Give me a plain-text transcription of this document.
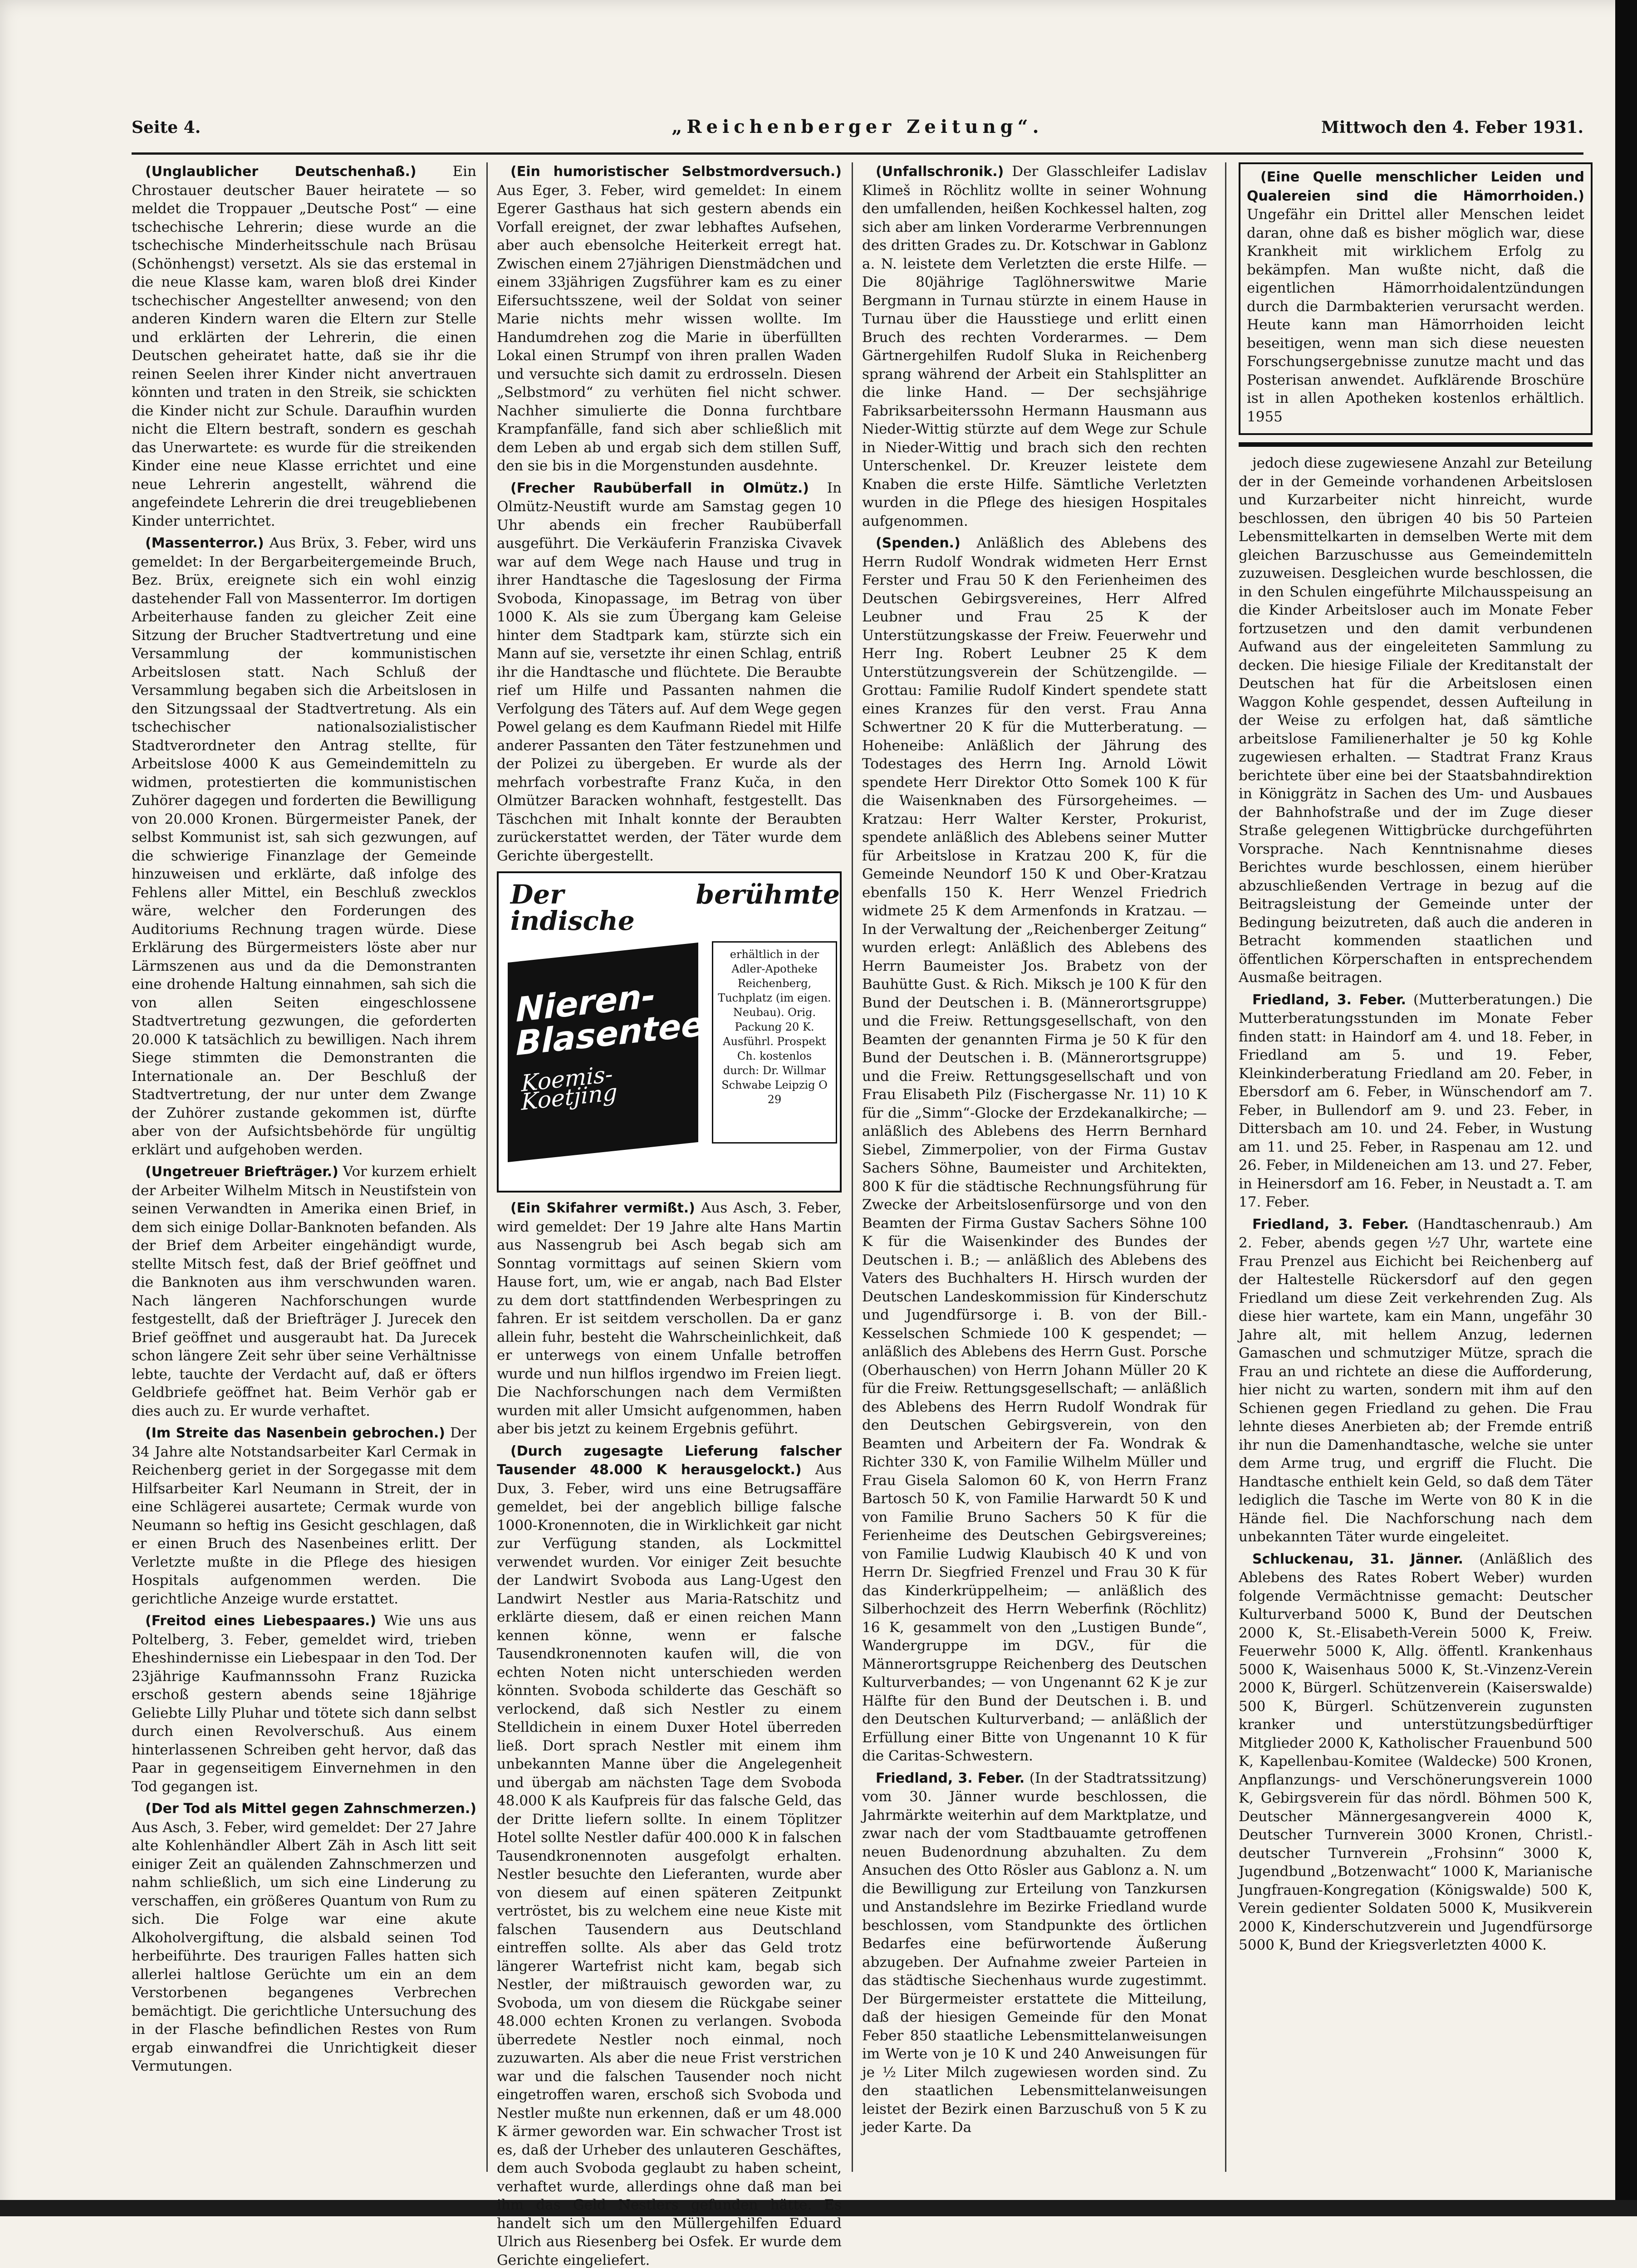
Seite 4.	„Reichenberger Zeitung“.	Mittwoch den 4. Feber 1931.

(Unglaublicher Deutschenhaß.)	Ein Chrostauer deutscher Bauer heiratete — so meldet die Troppauer „Deutsche Post“ — eine tschechische Lehrerin; diese wurde an die tschechische Minderheitsschule nach Brüsau (Schönhengst) versetzt. Als sie das erstemal in die neue Klasse kam, waren bloß drei Kinder tschechischer Angestellter anwesend; von den anderen Kindern waren die Eltern zur Stelle und erklärten der Lehrerin, die einen Deutschen geheiratet hatte, daß sie ihr die reinen Seelen ihrer Kinder nicht anvertrauen könnten und traten in den Streik, sie schickten die Kinder nicht zur Schule. Daraufhin wurden nicht die Eltern bestraft, sondern es geschah das Unerwartete: es wurde für die streikenden Kinder eine neue Klasse errichtet und eine neue Lehrerin angestellt, während die angefeindete Lehrerin die drei treugebliebenen Kinder unterrichtet.

(Massenterror.) Aus Brüx, 3. Feber, wird uns gemeldet: In der Bergarbeitergemeinde Bruch, Bez. Brüx, ereignete sich ein wohl einzig dastehender Fall von Massenterror. Im dortigen Arbeiterhause fanden zu gleicher Zeit eine Sitzung der Brucher Stadtvertretung und eine Versammlung der kommunistischen Arbeitslosen statt. Nach Schluß der Versammlung begaben sich die Arbeitslosen in den Sitzungssaal der Stadtvertretung. Als ein tschechischer nationalsozialistischer Stadtverordneter den Antrag stellte, für Arbeitslose 4000 K aus Gemeindemitteln zu widmen, protestierten die kommunistischen Zuhörer dagegen und forderten die Bewilligung von 20.000 Kronen. Bürgermeister Panek, der selbst Kommunist ist, sah sich gezwungen, auf die schwierige Finanzlage der Gemeinde hinzuweisen und erklärte, daß infolge des Fehlens aller Mittel, ein Beschluß zwecklos wäre, welcher den Forderungen des Auditoriums Rechnung tragen würde. Diese Erklärung des Bürgermeisters löste aber nur Lärmszenen aus und da die Demonstranten eine drohende Haltung einnahmen, sah sich die von allen Seiten eingeschlossene Stadtvertretung gezwungen, die geforderten 20.000 K tatsächlich zu bewilligen. Nach ihrem Siege stimmten die Demonstranten die Internationale an. Der Beschluß der Stadtvertretung, der nur unter dem Zwange der Zuhörer zustande gekommen ist, dürfte aber von der Aufsichtsbehörde für ungültig erklärt und aufgehoben werden.

(Ungetreuer Briefträger.) Vor kurzem erhielt der Arbeiter Wilhelm Mitsch in Neustifstein von seinen Verwandten in Amerika einen Brief, in dem sich einige Dollar-Banknoten befanden. Als der Brief dem Arbeiter eingehändigt wurde, stellte Mitsch fest, daß der Brief geöffnet und die Banknoten aus ihm verschwunden waren. Nach längeren Nachforschungen wurde festgestellt, daß der Briefträger J. Jurecek den Brief geöffnet und ausgeraubt hat. Da Jurecek schon längere Zeit sehr über seine Verhältnisse lebte, tauchte der Verdacht auf, daß er öfters Geldbriefe geöffnet hat. Beim Verhör gab er dies auch zu. Er wurde verhaftet.

(Im Streite das Nasenbein gebrochen.) Der 34 Jahre alte Notstandsarbeiter Karl Cermak in Reichenberg geriet in der Sorgegasse mit dem Hilfsarbeiter Karl Neumann in Streit, der in eine Schlägerei ausartete; Cermak wurde von Neumann so heftig ins Gesicht geschlagen, daß er einen Bruch des Nasenbeines erlitt. Der Verletzte mußte in die Pflege des hiesigen Hospitals aufgenommen werden. Die gerichtliche Anzeige wurde erstattet.

(Freitod eines Liebespaares.) Wie uns aus Poltelberg, 3. Feber, gemeldet wird, trieben Eheshindernisse ein Liebespaar in den Tod. Der 23jährige Kaufmannssohn Franz Ruzicka erschoß gestern abends seine 18jährige Geliebte Lilly Pluhar und tötete sich dann selbst durch einen Revolverschuß. Aus einem hinterlassenen Schreiben geht hervor, daß das Paar in gegenseitigem Einvernehmen in den Tod gegangen ist.

(Der Tod als Mittel gegen Zahnschmerzen.) Aus Asch, 3. Feber, wird gemeldet: Der 27 Jahre alte Kohlenhändler Albert Zäh in Asch litt seit einiger Zeit an quälenden Zahnschmerzen und nahm schließlich, um sich eine Linderung zu verschaffen, ein größeres Quantum von Rum zu sich. Die Folge war eine akute Alkoholvergiftung, die alsbald seinen Tod herbeiführte. Des traurigen Falles hatten sich allerlei haltlose Gerüchte um ein an dem Verstorbenen begangenes Verbrechen bemächtigt. Die gerichtliche Untersuchung des in der Flasche befindlichen Restes von Rum ergab einwandfrei die Unrichtigkeit dieser Vermutungen.

(Ein humoristischer Selbstmordversuch.) Aus Eger, 3. Feber, wird gemeldet: In einem Egerer Gasthaus hat sich gestern abends ein Vorfall ereignet, der zwar lebhaftes Aufsehen, aber auch ebensolche Heiterkeit erregt hat. Zwischen einem 27jährigen Dienstmädchen und einem 33jährigen Zugsführer kam es zu einer Eifersuchtsszene, weil der Soldat von seiner Marie nichts mehr wissen wollte. Im Handumdrehen zog die Marie in überfüllten Lokal einen Strumpf von ihren prallen Waden und versuchte sich damit zu erdrosseln. Diesen „Selbstmord“ zu verhüten fiel nicht schwer. Nachher simulierte die Donna furchtbare Krampfanfälle, fand sich aber schließlich mit dem Leben ab und ergab sich dem stillen Suff, den sie bis in die Morgenstunden ausdehnte.

(Frecher Raubüberfall in Olmütz.) In Olmütz-Neustift wurde am Samstag gegen 10 Uhr abends ein frecher Raubüberfall ausgeführt. Die Verkäuferin Franziska Civavek war auf dem Wege nach Hause und trug in ihrer Handtasche die Tageslosung der Firma Svoboda, Kinopassage, im Betrag von über 1000 K. Als sie zum Übergang kam Geleise hinter dem Stadtpark kam, stürzte sich ein Mann auf sie, versetzte ihr einen Schlag, entriß ihr die Handtasche und flüchtete. Die Beraubte rief um Hilfe und Passanten nahmen die Verfolgung des Täters auf. Auf dem Wege gegen Powel gelang es dem Kaufmann Riedel mit Hilfe anderer Passanten den Täter festzunehmen und der Polizei zu übergeben. Er wurde als der mehrfach vorbestrafte Franz Kuča, in den Olmützer Baracken wohnhaft, festgestellt. Das Täschchen mit Inhalt konnte der Beraubten zurückerstattet werden, der Täter wurde dem Gerichte übergestellt.

Der berühmte indische
Nieren-Blasentee
Koemis-Koetjing
erhältlich in der Adler-Apotheke Reichenberg, Tuchplatz (im eigen. Neubau). Orig. Packung 20 K. Ausführl. Prospekt Ch. kostenlos durch: Dr. Willmar Schwabe Leipzig O 29

(Ein Skifahrer vermißt.) Aus Asch, 3. Feber, wird gemeldet: Der 19 Jahre alte Hans Martin aus Nassengrub bei Asch begab sich am Sonntag vormittags auf seinen Skiern vom Hause fort, um, wie er angab, nach Bad Elster zu dem dort stattfindenden Werbespringen zu fahren. Er ist seitdem verschollen. Da er ganz allein fuhr, besteht die Wahrscheinlichkeit, daß er unterwegs von einem Unfalle betroffen wurde und nun hilflos irgendwo im Freien liegt. Die Nachforschungen nach dem Vermißten wurden mit aller Umsicht aufgenommen, haben aber bis jetzt zu keinem Ergebnis geführt.

(Durch zugesagte Lieferung falscher Tausender 48.000 K herausgelockt.) Aus Dux, 3. Feber, wird uns eine Betrugsaffäre gemeldet, bei der angeblich billige falsche 1000-Kronennoten, die in Wirklichkeit gar nicht zur Verfügung standen, als Lockmittel verwendet wurden. Vor einiger Zeit besuchte der Landwirt Svoboda aus Lang-Ugest den Landwirt Nestler aus Maria-Ratschitz und erklärte diesem, daß er einen reichen Mann kennen könne, wenn er falsche Tausendkronennoten kaufen will, die von echten Noten nicht unterschieden werden könnten. Svoboda schilderte das Geschäft so verlockend, daß sich Nestler zu einem Stelldichein in einem Duxer Hotel überreden ließ. Dort sprach Nestler mit einem ihm unbekannten Manne über die Angelegenheit und übergab am nächsten Tage dem Svoboda 48.000 K als Kaufpreis für das falsche Geld, das der Dritte liefern sollte. In einem Töplitzer Hotel sollte Nestler dafür 400.000 K in falschen Tausendkronennoten ausgefolgt erhalten. Nestler besuchte den Lieferanten, wurde aber von diesem auf einen späteren Zeitpunkt vertröstet, bis zu welchem eine neue Kiste mit falschen Tausendern aus Deutschland eintreffen sollte. Als aber das Geld trotz längerer Wartefrist nicht kam, begab sich Nestler, der mißtrauisch geworden war, zu Svoboda, um von diesem die Rückgabe seiner 48.000 echten Kronen zu verlangen. Svoboda überredete Nestler noch einmal, noch zuzuwarten. Als aber die neue Frist verstrichen war und die falschen Tausender noch nicht eingetroffen waren, erschoß sich Svoboda und Nestler mußte nun erkennen, daß er um 48.000 K ärmer geworden war. Ein schwacher Trost ist es, daß der Urheber des unlauteren Geschäftes, dem auch Svoboda geglaubt zu haben scheint, verhaftet wurde, allerdings ohne daß man bei ihm das Geld Nestlers gefunden hätte. Es handelt sich um den Müllergehilfen Eduard Ulrich aus Riesenberg bei Osfek. Er wurde dem Gerichte eingeliefert.

(Unfallschronik.) Der Glasschleifer Ladislav Klimeš in Röchlitz wollte in seiner Wohnung den umfallenden, heißen Kochkessel halten, zog sich aber am linken Vorderarme Verbrennungen des dritten Grades zu. Dr. Kotschwar in Gablonz a. N. leistete dem Verletzten die erste Hilfe. — Die 80jährige Taglöhnerswitwe Marie Bergmann in Turnau stürzte in einem Hause in Turnau über die Hausstiege und erlitt einen Bruch des rechten Vorderarmes. — Dem Gärtnergehilfen Rudolf Sluka in Reichenberg sprang während der Arbeit ein Stahlsplitter an die linke Hand. — Der sechsjährige Fabriksarbeiterssohn Hermann Hausmann aus Nieder-Wittig stürzte auf dem Wege zur Schule in Nieder-Wittig und brach sich den rechten Unterschenkel. Dr. Kreuzer leistete dem Knaben die erste Hilfe. Sämtliche Verletzten wurden in die Pflege des hiesigen Hospitales aufgenommen.

(Spenden.) Anläßlich des Ablebens des Herrn Rudolf Wondrak widmeten Herr Ernst Ferster und Frau 50 K den Ferienheimen des Deutschen Gebirgsvereines, Herr Alfred Leubner und Frau 25 K der Unterstützungskasse der Freiw. Feuerwehr und Herr Ing. Robert Leubner 25 K dem Unterstützungsverein der Schützengilde. — Grottau: Familie Rudolf Kindert spendete statt eines Kranzes für den verst. Frau Anna Schwertner 20 K für die Mutterberatung. — Hoheneibe: Anläßlich der Jährung des Todestages des Herrn Ing. Arnold Löwit spendete Herr Direktor Otto Somek 100 K für die Waisenknaben des Fürsorgeheimes. — Kratzau: Herr Walter Kerster, Prokurist, spendete anläßlich des Ablebens seiner Mutter für Arbeitslose in Kratzau 200 K, für die Gemeinde Neundorf 150 K und Ober-Kratzau ebenfalls 150 K. Herr Wenzel Friedrich widmete 25 K dem Armenfonds in Kratzau. — In der Verwaltung der „Reichenberger Zeitung“ wurden erlegt: Anläßlich des Ablebens des Herrn Baumeister Jos. Brabetz von der Bauhütte Gust. & Rich. Miksch je 100 K für den Bund der Deutschen i. B. (Männerortsgruppe) und die Freiw. Rettungsgesellschaft, von den Beamten der genannten Firma je 50 K für den Bund der Deutschen i. B. (Männerortsgruppe) und die Freiw. Rettungsgesellschaft und von Frau Elisabeth Pilz (Fischergasse Nr. 11) 10 K für die „Simm“-Glocke der Erzdekanalkirche; — anläßlich des Ablebens des Herrn Bernhard Siebel, Zimmerpolier, von der Firma Gustav Sachers Söhne, Baumeister und Architekten, 800 K für die städtische Rechnungsführung für Zwecke der Arbeitslosenfürsorge und von den Beamten der Firma Gustav Sachers Söhne 100 K für die Waisenkinder des Bundes der Deutschen i. B.; — anläßlich des Ablebens des Vaters des Buchhalters H. Hirsch wurden der Deutschen Landeskommission für Kinderschutz und Jugendfürsorge i. B. von der Bill.-Kesselschen Schmiede 100 K gespendet; — anläßlich des Ablebens des Herrn Gust. Porsche (Oberhauschen) von Herrn Johann Müller 20 K für die Freiw. Rettungsgesellschaft; — anläßlich des Ablebens des Herrn Rudolf Wondrak für den Deutschen Gebirgsverein, von den Beamten und Arbeitern der Fa. Wondrak & Richter 330 K, von Familie Wilhelm Müller und Frau Gisela Salomon 60 K, von Herrn Franz Bartosch 50 K, von Familie Harwardt 50 K und von Familie Bruno Sachers 50 K für die Ferienheime des Deutschen Gebirgsvereines; von Familie Ludwig Klaubisch 40 K und von Herrn Dr. Siegfried Frenzel und Frau 30 K für das Kinderkrüppelheim; — anläßlich des Silberhochzeit des Herrn Weberfink (Röchlitz) 16 K, gesammelt von den „Lustigen Bunde“, Wandergruppe im DGV., für die Männerortsgruppe Reichenberg des Deutschen Kulturverbandes; — von Ungenannt 62 K je zur Hälfte für den Bund der Deutschen i. B. und den Deutschen Kulturverband; — anläßlich der Erfüllung einer Bitte von Ungenannt 10 K für die Caritas-Schwestern.

Friedland, 3. Feber. (In der Stadtratssitzung) vom 30. Jänner wurde beschlossen, die Jahrmärkte weiterhin auf dem Marktplatze, und zwar nach der vom Stadtbauamte getroffenen neuen Budenordnung abzuhalten. Zu dem Ansuchen des Otto Rösler aus Gablonz a. N. um die Bewilligung zur Erteilung von Tanzkursen und Anstandslehre im Bezirke Friedland wurde beschlossen, vom Standpunkte des örtlichen Bedarfes eine befürwortende Äußerung abzugeben. Der Aufnahme zweier Parteien in das städtische Siechenhaus wurde zugestimmt. Der Bürgermeister erstattete die Mitteilung, daß der hiesigen Gemeinde für den Monat Feber 850 staatliche Lebensmittelanweisungen im Werte von je 10 K und 240 Anweisungen für je ½ Liter Milch zugewiesen worden sind. Zu den staatlichen Lebensmittelanweisungen leistet der Bezirk einen Barzuschuß von 5 K zu jeder Karte. Da

(Eine Quelle menschlicher Leiden und Qualereien sind die Hämorrhoiden.) Ungefähr ein Drittel aller Menschen leidet daran, ohne daß es bisher möglich war, diese Krankheit mit wirklichem Erfolg zu bekämpfen. Man wußte nicht, daß die eigentlichen Hämorrhoidalentzündungen durch die Darmbakterien verursacht werden. Heute kann man Hämorrhoiden leicht beseitigen, wenn man sich diese neuesten Forschungsergebnisse zunutze macht und das Posterisan anwendet. Aufklärende Broschüre ist in allen Apotheken kostenlos erhältlich. 1955

jedoch diese zugewiesene Anzahl zur Beteilung der in der Gemeinde vorhandenen Arbeitslosen und Kurzarbeiter nicht hinreicht, wurde beschlossen, den übrigen 40 bis 50 Parteien Lebensmittelkarten in demselben Werte mit dem gleichen Barzuschusse aus Gemeindemitteln zuzuweisen. Desgleichen wurde beschlossen, die in den Schulen eingeführte Milchausspeisung an die Kinder Arbeitsloser auch im Monate Feber fortzusetzen und den damit verbundenen Aufwand aus der eingeleiteten Sammlung zu decken. Die hiesige Filiale der Kreditanstalt der Deutschen hat für die Arbeitslosen einen Waggon Kohle gespendet, dessen Aufteilung in der Weise zu erfolgen hat, daß sämtliche arbeitslose Familienerhalter je 50 kg Kohle zugewiesen erhalten. — Stadtrat Franz Kraus berichtete über eine bei der Staatsbahndirektion in Königgrätz in Sachen des Um- und Ausbaues der Bahnhofstraße und der im Zuge dieser Straße gelegenen Wittigbrücke durchgeführten Vorsprache. Nach Kenntnisnahme dieses Berichtes wurde beschlossen, einem hierüber abzuschließenden Vertrage in bezug auf die Beitragsleistung der Gemeinde unter der Bedingung beizutreten, daß auch die anderen in Betracht kommenden staatlichen und öffentlichen Körperschaften in entsprechendem Ausmaße beitragen.

Friedland, 3. Feber. (Mutterberatungen.) Die Mutterberatungsstunden im Monate Feber finden statt: in Haindorf am 4. und 18. Feber, in Friedland am 5. und 19. Feber, Kleinkinderberatung Friedland am 20. Feber, in Ebersdorf am 6. Feber, in Wünschendorf am 7. Feber, in Bullendorf am 9. und 23. Feber, in Dittersbach am 10. und 24. Feber, in Wustung am 11. und 25. Feber, in Raspenau am 12. und 26. Feber, in Mildeneichen am 13. und 27. Feber, in Heinersdorf am 16. Feber, in Neustadt a. T. am 17. Feber.

Friedland, 3. Feber. (Handtaschenraub.) Am 2. Feber, abends gegen ½7 Uhr, wartete eine Frau Prenzel aus Eichicht bei Reichenberg auf der Haltestelle Rückersdorf auf den gegen Friedland um diese Zeit verkehrenden Zug. Als diese hier wartete, kam ein Mann, ungefähr 30 Jahre alt, mit hellem Anzug, ledernen Gamaschen und schmutziger Mütze, sprach die Frau an und richtete an diese die Aufforderung, hier nicht zu warten, sondern mit ihm auf den Schienen gegen Friedland zu gehen. Die Frau lehnte dieses Anerbieten ab; der Fremde entriß ihr nun die Damenhandtasche, welche sie unter dem Arme trug, und ergriff die Flucht. Die Handtasche enthielt kein Geld, so daß dem Täter lediglich die Tasche im Werte von 80 K in die Hände fiel. Die Nachforschung nach dem unbekannten Täter wurde eingeleitet.

Schluckenau, 31. Jänner. (Anläßlich des Ablebens des Rates Robert Weber) wurden folgende Vermächtnisse gemacht: Deutscher Kulturverband 5000 K, Bund der Deutschen 2000 K, St.-Elisabeth-Verein 5000 K, Freiw. Feuerwehr 5000 K, Allg. öffentl. Krankenhaus 5000 K, Waisenhaus 5000 K, St.-Vinzenz-Verein 2000 K, Bürgerl. Schützenverein (Kaiserswalde) 500 K, Bürgerl. Schützenverein zugunsten kranker und unterstützungsbedürftiger Mitglieder 2000 K, Katholischer Frauenbund 500 K, Kapellenbau-Komitee (Waldecke) 500 Kronen, Anpflanzungs- und Verschönerungsverein 1000 K, Gebirgsverein für das nördl. Böhmen 500 K, Deutscher Männergesangverein 4000 K, Deutscher Turnverein 3000 Kronen, Christl.-deutscher Turnverein „Frohsinn“ 3000 K, Jugendbund „Botzenwacht“ 1000 K, Marianische Jungfrauen-Kongregation (Königswalde) 500 K, Verein gedienter Soldaten 5000 K, Musikverein 2000 K, Kinderschutzverein und Jugendfürsorge 5000 K, Bund der Kriegsverletzten 4000 K.
